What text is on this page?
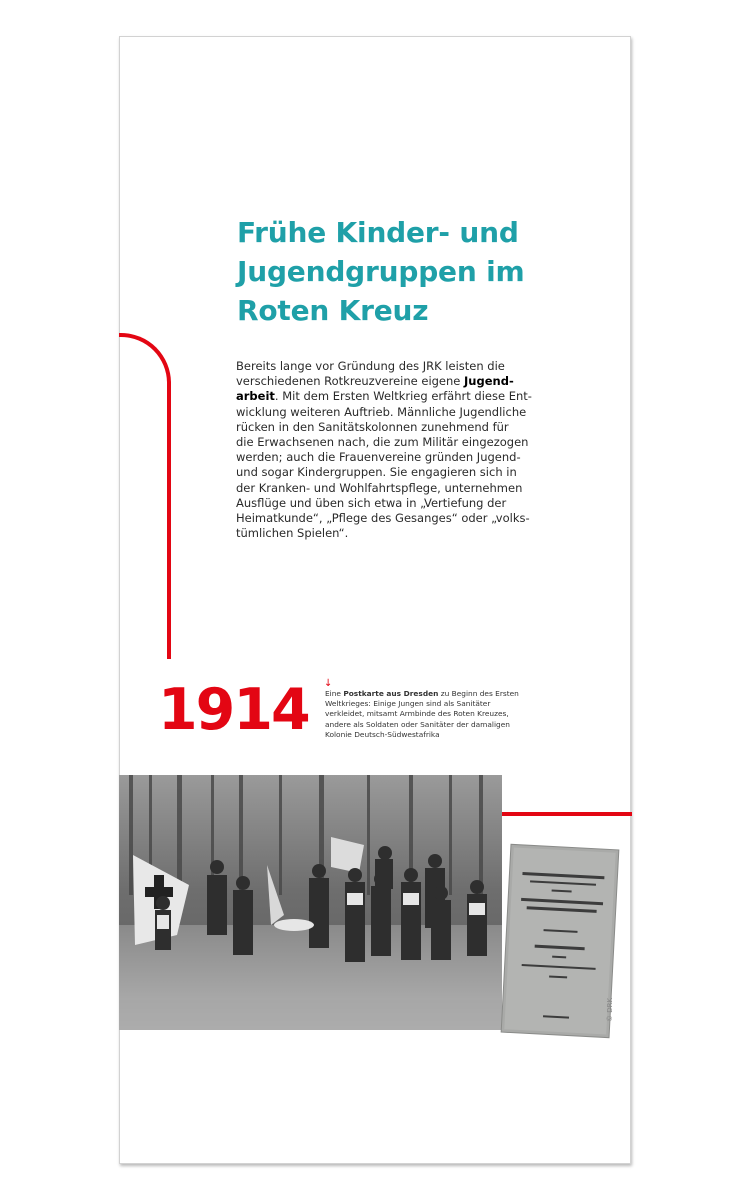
Frühe Kinder- und
Jugendgruppen im
Roten Kreuz
Bereits lange vor Gründung des JRK leisten die
verschiedenen Rotkreuzvereine eigene Jugend-
arbeit. Mit dem Ersten Weltkrieg erfährt diese Ent-
wicklung weiteren Auftrieb. Männliche Jugendliche
rücken in den Sanitätskolonnen zunehmend für
die Erwachsenen nach, die zum Militär eingezogen
werden; auch die Frauenvereine gründen Jugend-
und sogar Kindergruppen. Sie engagieren sich in
der Kranken- und Wohlfahrtspflege, unternehmen
Ausflüge und üben sich etwa in „Vertiefung der
Heimatkunde“, „Pflege des Gesanges“ oder „volks-
tümlichen Spielen“.
1914 ↓
Eine Postkarte aus Dresden zu Beginn des Ersten
Weltkrieges: Einige Jungen sind als Sanitäter
verkleidet, mitsamt Armbinde des Roten Kreuzes,
andere als Soldaten oder Sanitäter der damaligen
Kolonie Deutsch-Südwestafrika
© DRK
